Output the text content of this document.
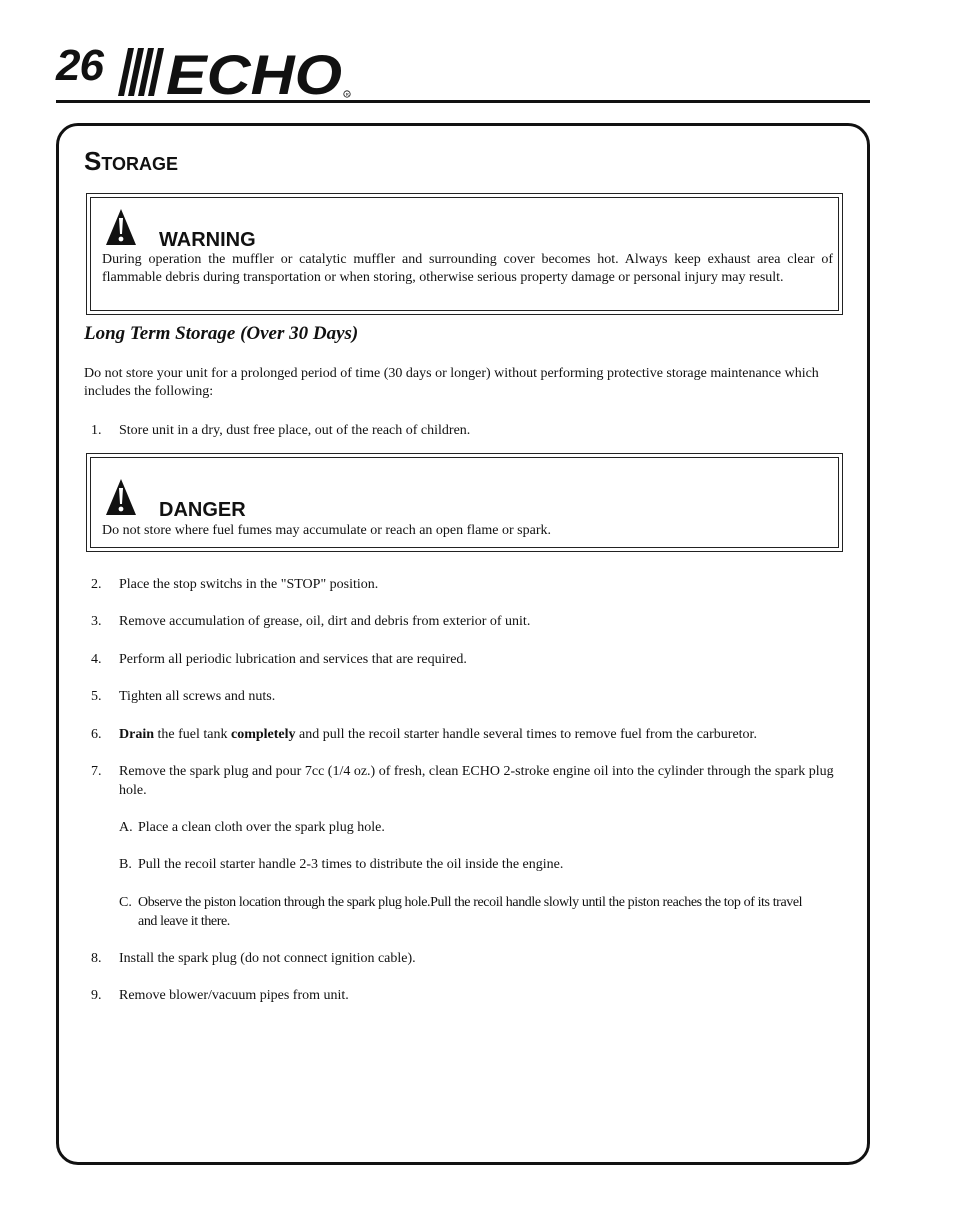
26 ECHO R
STORAGE
WARNING
During operation the muffler or catalytic muffler and surrounding cover becomes hot. Always keep exhaust area clear of flammable debris during transportation or when storing, otherwise serious property damage or personal injury may result.
Long Term Storage (Over 30 Days)
Do not store your unit for a prolonged period of time (30 days or longer) without performing protective storage maintenance which includes the following:
1.	Store unit in a dry, dust free place, out of the reach of children.
DANGER
Do not store where fuel fumes may accumulate or reach an open flame or spark.
2.	Place the stop switchs in the "STOP" position.
3.	Remove accumulation of grease, oil, dirt and debris from exterior of unit.
4.	Perform all periodic lubrication and services that are required.
5.	Tighten all screws and nuts.
6.	Drain the fuel tank completely and pull the recoil starter handle several times to remove fuel from the carburetor.
7.	Remove the spark plug and pour 7cc (1/4 oz.) of fresh, clean ECHO 2-stroke engine oil into the cylinder through the spark plug hole.
A. Place a clean cloth over the spark plug hole.
B. Pull the recoil starter handle 2-3 times to distribute the oil inside the engine.
C. Observe the piston location through the spark plug hole.Pull the recoil handle slowly until the piston reaches the top of its travel and leave it there.
8.	Install the spark plug (do not connect ignition cable).
9.	Remove blower/vacuum pipes from unit.
